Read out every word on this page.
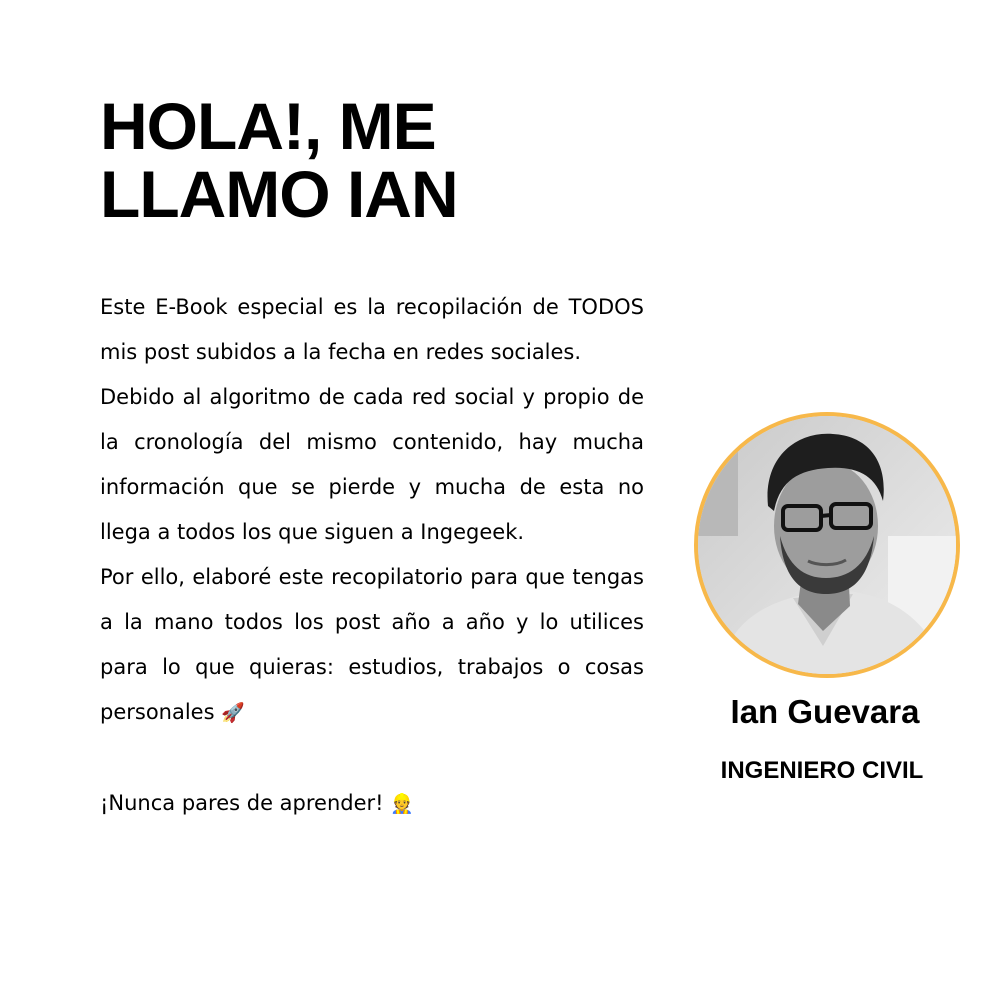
HOLA!, ME
LLAMO IAN

Este E-Book especial es la recopilación de TODOS mis post subidos a la fecha en redes sociales.

Debido al algoritmo de cada red social y propio de la cronología del mismo contenido, hay mucha información que se pierde y mucha de esta no llega a todos los que siguen a Ingegeek.

Por ello, elaboré este recopilatorio para que tengas a la mano todos los post año a año y lo utilices para lo que quieras: estudios, trabajos o cosas personales 🚀

¡Nunca pares de aprender! 👷

Ian Guevara
INGENIERO CIVIL
